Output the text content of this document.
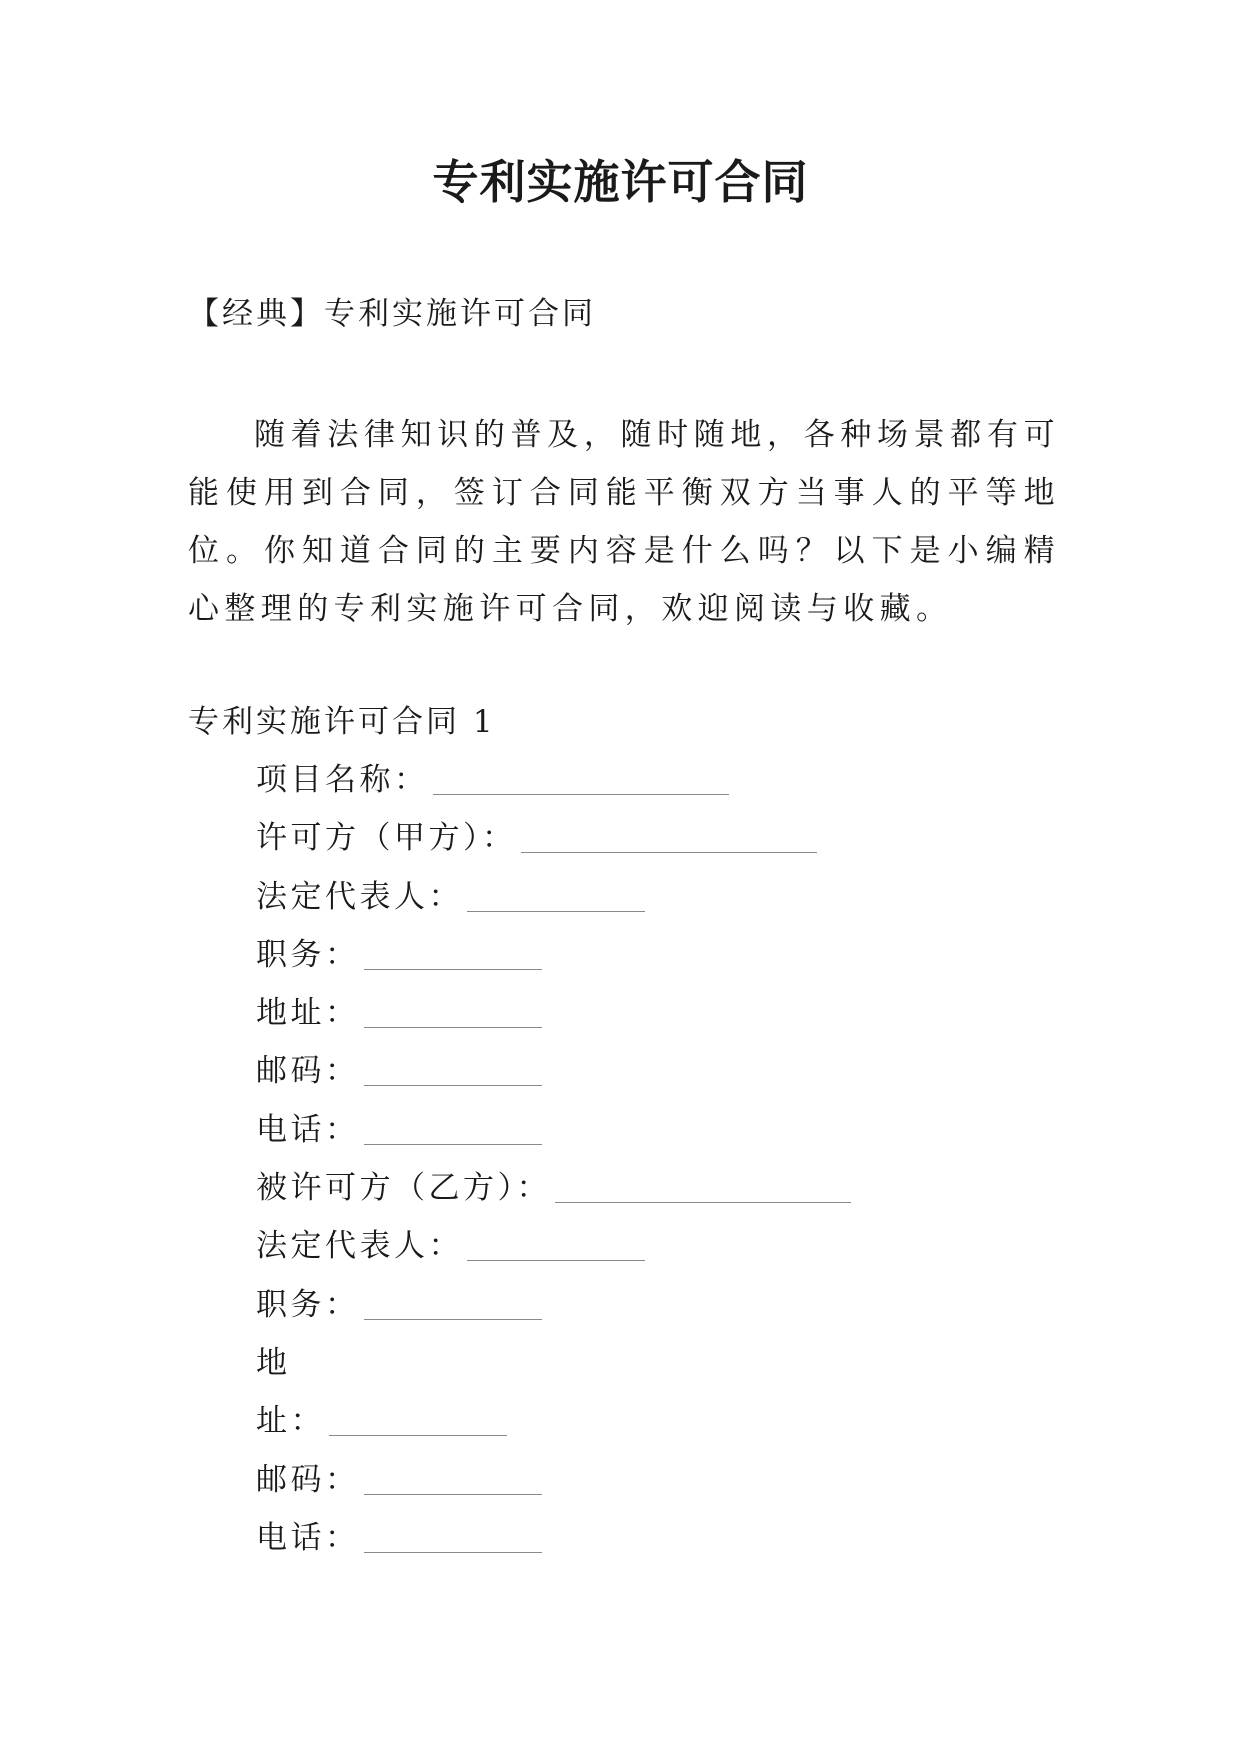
专利实施许可合同

【经典】专利实施许可合同

随着法律知识的普及，随时随地，各种场景都有可能使用到合同，签订合同能平衡双方当事人的平等地位。你知道合同的主要内容是什么吗？以下是小编精心整理的专利实施许可合同，欢迎阅读与收藏。

专利实施许可合同 1

项目名称：
许可方（甲方）：
法定代表人：
职务：
地址：
邮码：
电话：
被许可方（乙方）：
法定代表人：
职务：
地
址：
邮码：
电话：
